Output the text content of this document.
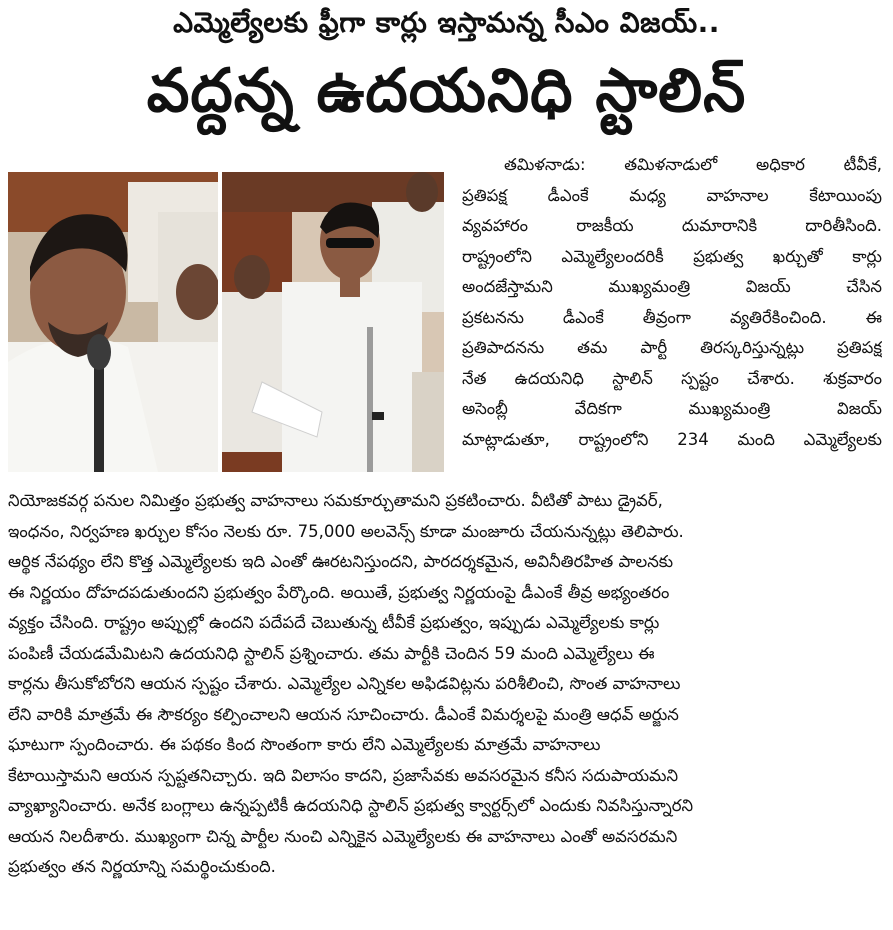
ఎమ్మెల్యేలకు ఫ్రీగా కార్లు ఇస్తామన్న సీఎం విజయ్..
వద్దన్న ఉదయనిధి స్టాలిన్
తమిళనాడు: తమిళనాడులో అధికార టీవీకే,
ప్రతిపక్ష డీఎంకే మధ్య వాహనాల కేటాయింపు
వ్యవహారం రాజకీయ దుమారానికి దారితీసింది.
రాష్ట్రంలోని ఎమ్మెల్యేలందరికీ ప్రభుత్వ ఖర్చుతో కార్లు
అందజేస్తామని ముఖ్యమంత్రి విజయ్ చేసిన
ప్రకటనను డీఎంకే తీవ్రంగా వ్యతిరేకించింది. ఈ
ప్రతిపాదనను తమ పార్టీ తిరస్కరిస్తున్నట్లు ప్రతిపక్ష
నేత ఉదయనిధి స్టాలిన్ స్పష్టం చేశారు. శుక్రవారం
అసెంబ్లీ వేదికగా ముఖ్యమంత్రి విజయ్
మాట్లాడుతూ, రాష్ట్రంలోని 234 మంది ఎమ్మెల్యేలకు
నియోజకవర్గ పనుల నిమిత్తం ప్రభుత్వ వాహనాలు సమకూర్చుతామని ప్రకటించారు. వీటితో పాటు డ్రైవర్,
ఇంధనం, నిర్వహణ ఖర్చుల కోసం నెలకు రూ. 75,000 అలవెన్స్ కూడా మంజూరు చేయనున్నట్లు తెలిపారు.
ఆర్థిక నేపథ్యం లేని కొత్త ఎమ్మెల్యేలకు ఇది ఎంతో ఊరటనిస్తుందని, పారదర్శకమైన, అవినీతిరహిత పాలనకు
ఈ నిర్ణయం దోహదపడుతుందని ప్రభుత్వం పేర్కొంది. అయితే, ప్రభుత్వ నిర్ణయంపై డీఎంకే తీవ్ర అభ్యంతరం
వ్యక్తం చేసింది. రాష్ట్రం అప్పుల్లో ఉందని పదేపదే చెబుతున్న టీవీకే ప్రభుత్వం, ఇప్పుడు ఎమ్మెల్యేలకు కార్లు
పంపిణీ చేయడమేమిటని ఉదయనిధి స్టాలిన్ ప్రశ్నించారు. తమ పార్టీకి చెందిన 59 మంది ఎమ్మెల్యేలు ఈ
కార్లను తీసుకోబోరని ఆయన స్పష్టం చేశారు. ఎమ్మెల్యేల ఎన్నికల అఫిడవిట్లను పరిశీలించి, సొంత వాహనాలు
లేని వారికి మాత్రమే ఈ సౌకర్యం కల్పించాలని ఆయన సూచించారు. డీఎంకే విమర్శలపై మంత్రి ఆధవ్ అర్జున
ఘాటుగా స్పందించారు. ఈ పథకం కింద సొంతంగా కారు లేని ఎమ్మెల్యేలకు మాత్రమే వాహనాలు
కేటాయిస్తామని ఆయన స్పష్టతనిచ్చారు. ఇది విలాసం కాదని, ప్రజాసేవకు అవసరమైన కనీస సదుపాయమని
వ్యాఖ్యానించారు. అనేక బంగ్లాలు ఉన్నప్పటికీ ఉదయనిధి స్టాలిన్ ప్రభుత్వ క్వార్టర్స్‌లో ఎందుకు నివసిస్తున్నారని
ఆయన నిలదీశారు. ముఖ్యంగా చిన్న పార్టీల నుంచి ఎన్నికైన ఎమ్మెల్యేలకు ఈ వాహనాలు ఎంతో అవసరమని
ప్రభుత్వం తన నిర్ణయాన్ని సమర్థించుకుంది.
